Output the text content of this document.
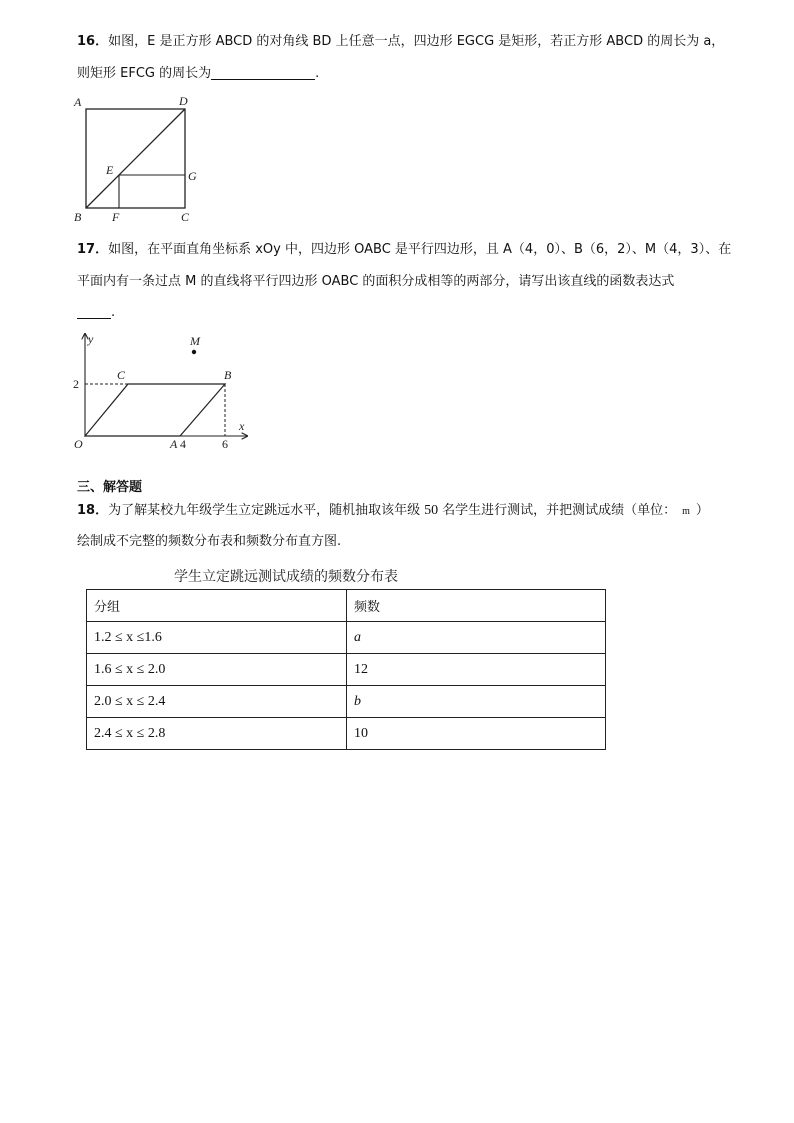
16．如图，E 是正方形 ABCD 的对角线 BD 上任意一点，四边形 EGCG 是矩形，若正方形 ABCD 的周长为 a，
则矩形 EFCG 的周长为	.
A	D
E	G
B	F	C
17．如图，在平面直角坐标系 xOy 中，四边形 OABC 是平行四边形，且 A（4，0）、B（6，2）、M（4，3）、在
平面内有一条过点 M 的直线将平行四边形 OABC 的面积分成相等的两部分，请写出该直线的函数表达式
.
y
x
M
C	B
O	A
2
4	6
三、解答题
18．为了解某校九年级学生立定跳远水平，随机抽取该年级 50 名学生进行测试，并把测试成绩（单位： m ）
绘制成不完整的频数分布表和频数分布直方图.
学生立定跳远测试成绩的频数分布表
分组	频数
1.2 ≤ x ≤1.6	a
1.6 ≤ x ≤ 2.0	12
2.0 ≤ x ≤ 2.4	b
2.4 ≤ x ≤ 2.8	10
